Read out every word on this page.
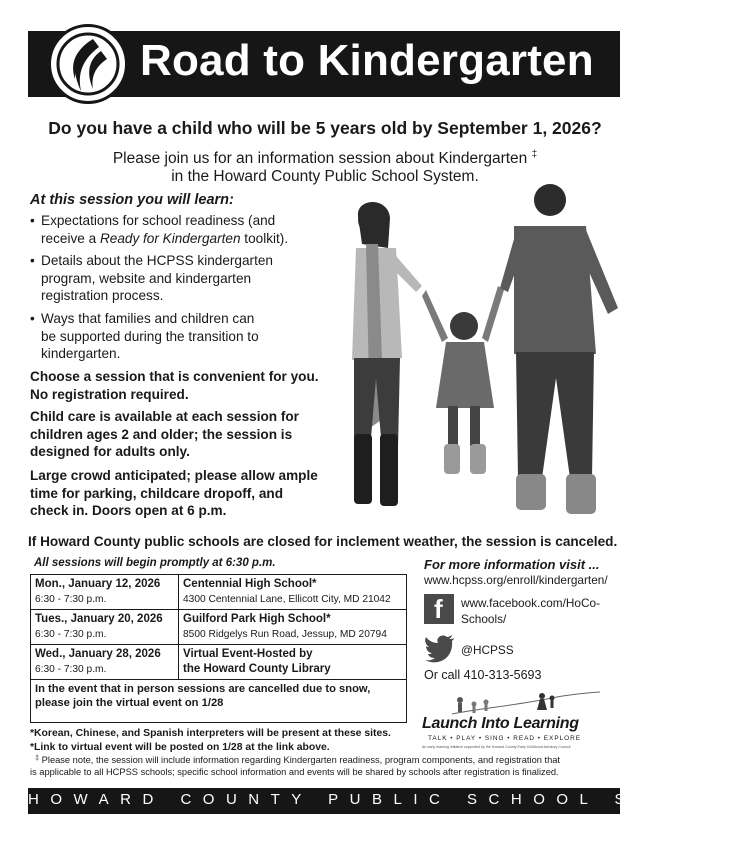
Road to Kindergarten
Do you have a child who will be 5 years old by September 1, 2026?
Please join us for an information session about Kindergarten ‡
in the Howard County Public School System.
At this session you will learn:
• Expectations for school readiness (and
receive a Ready for Kindergarten toolkit).
• Details about the HCPSS kindergarten
program, website and kindergarten
registration process.
• Ways that families and children can
be supported during the transition to
kindergarten.
Choose a session that is convenient for you.
No registration required.
Child care is available at each session for
children ages 2 and older; the session is
designed for adults only.
Large crowd anticipated; please allow ample
time for parking, childcare dropoff, and
check in. Doors open at 6 p.m.
If Howard County public schools are closed for inclement weather, the session is canceled.
All sessions will begin promptly at 6:30 p.m.
Mon., January 12, 2026
6:30 - 7:30 p.m.
Centennial High School*
4300 Centennial Lane, Ellicott City, MD 21042
Tues., January 20, 2026
6:30 - 7:30 p.m.
Guilford Park High School*
8500 Ridgelys Run Road, Jessup, MD 20794
Wed., January 28, 2026
6:30 - 7:30 p.m.
Virtual Event-Hosted by
the Howard County Library
In the event that in person sessions are cancelled due to snow,
please join the virtual event on 1/28
*Korean, Chinese, and Spanish interpreters will be present at these sites.
*Link to virtual event will be posted on 1/28 at the link above.
For more information visit ...
www.hcpss.org/enroll/kindergarten/
f www.facebook.com/HoCo-
Schools/
@HCPSS
Or call 410-313-5693
Launch Into Learning
TALK • PLAY • SING • READ • EXPLORE
An early learning initiative supported by the Howard County Early Childhood Advisory Council
‡ Please note, the session will include information regarding Kindergarten readiness, program components, and registration that
is applicable to all HCPSS schools; specific school information and events will be shared by schools after registration is finalized.
HOWARD COUNTY PUBLIC SCHOOL SYSTEM
